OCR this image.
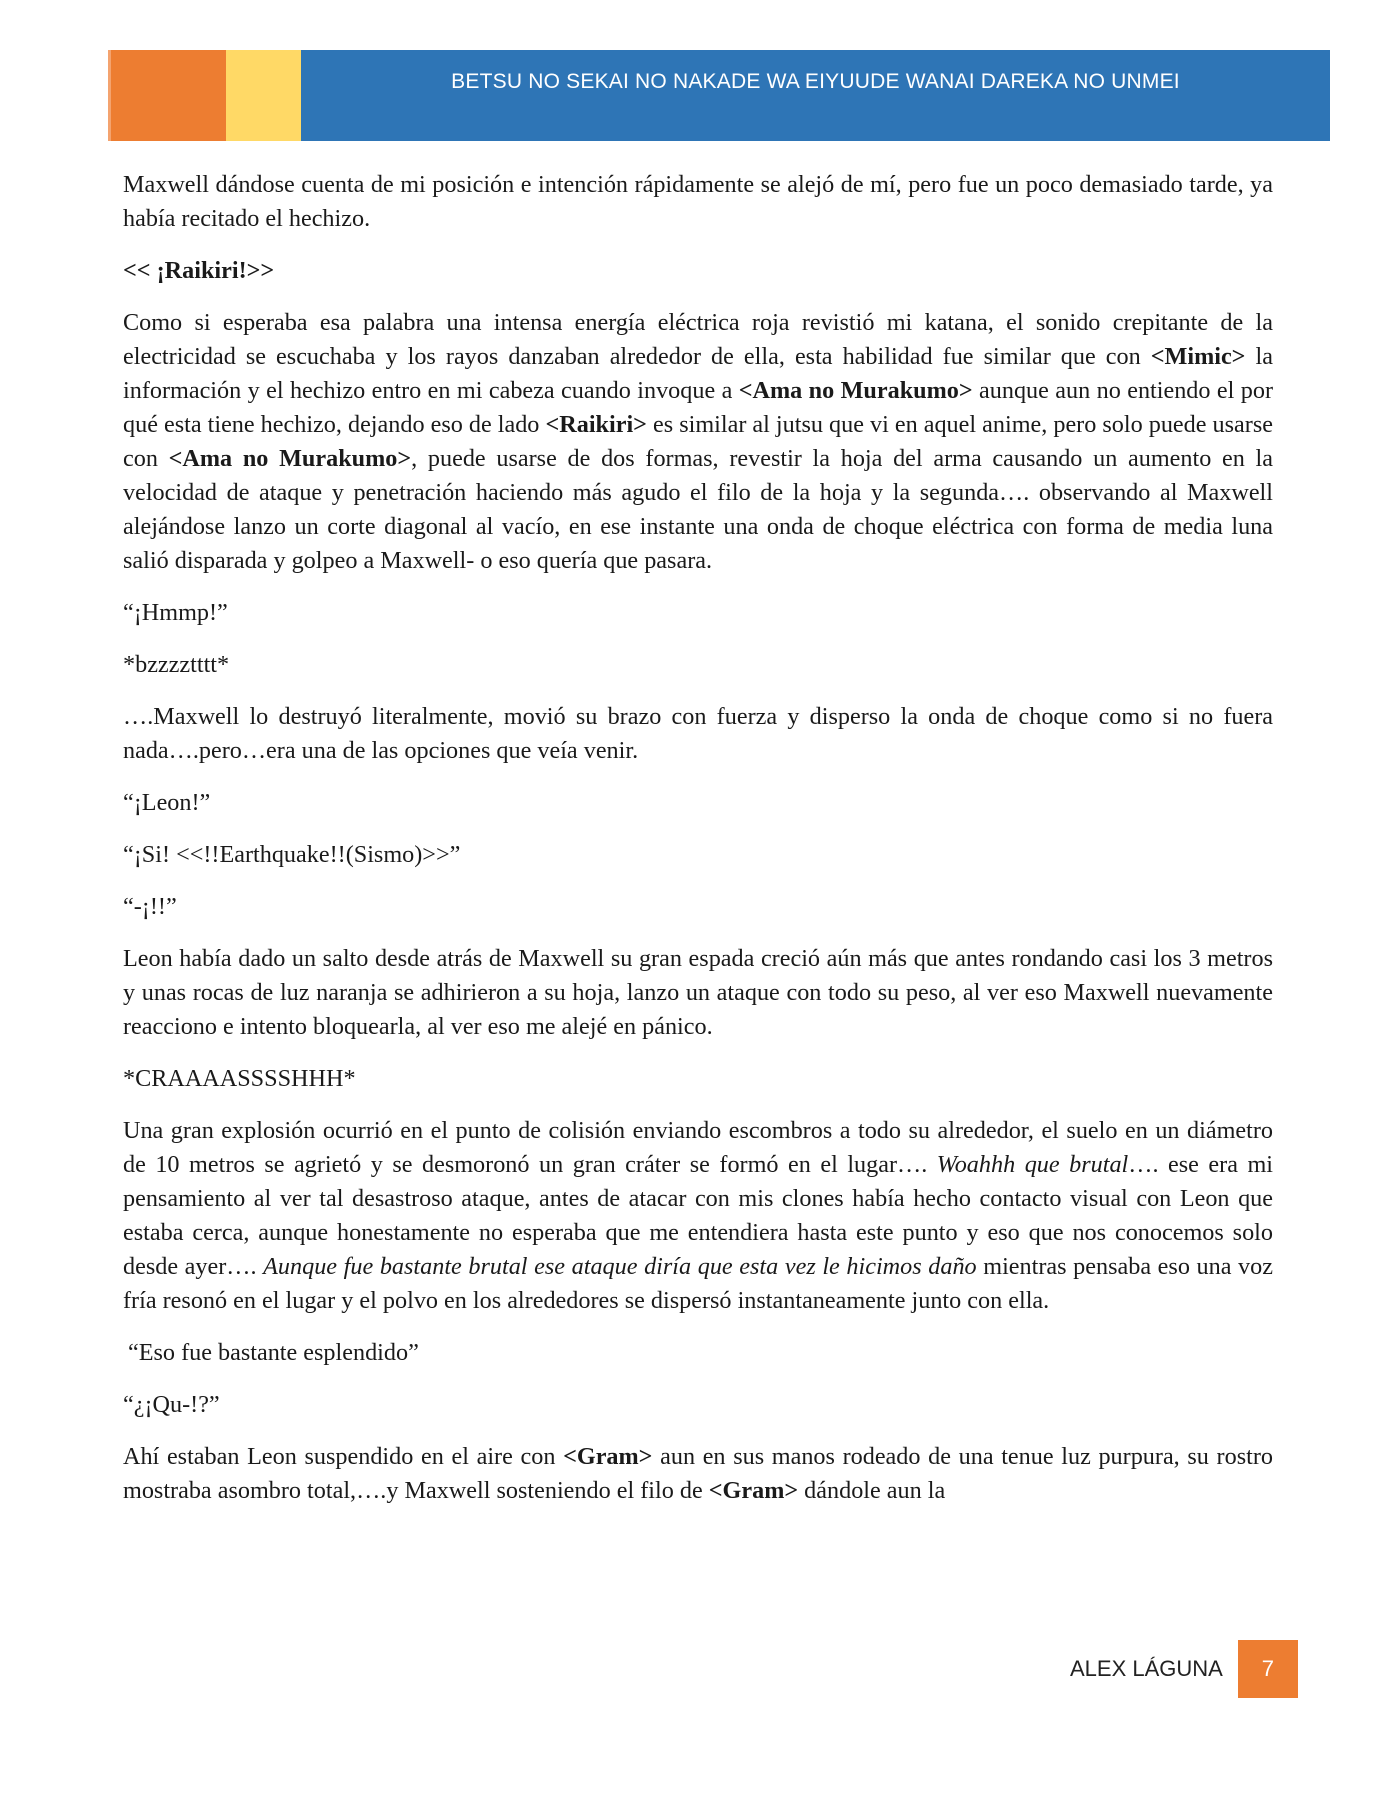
BETSU NO SEKAI NO NAKADE WA EIYUUDE WANAI DAREKA NO UNMEI

Maxwell dándose cuenta de mi posición e intención rápidamente se alejó de mí, pero fue un poco demasiado tarde, ya había recitado el hechizo.

<< ¡Raikiri!>>

Como si esperaba esa palabra una intensa energía eléctrica roja revistió mi katana, el sonido crepitante de la electricidad se escuchaba y los rayos danzaban alrededor de ella, esta habilidad fue similar que con <Mimic> la información y el hechizo entro en mi cabeza cuando invoque a <Ama no Murakumo> aunque aun no entiendo el por qué esta tiene hechizo, dejando eso de lado <Raikiri> es similar al jutsu que vi en aquel anime, pero solo puede usarse con <Ama no Murakumo>, puede usarse de dos formas, revestir la hoja del arma causando un aumento en la velocidad de ataque y penetración haciendo más agudo el filo de la hoja y la segunda…. observando al Maxwell alejándose lanzo un corte diagonal al vacío, en ese instante una onda de choque eléctrica con forma de media luna salió disparada y golpeo a Maxwell- o eso quería que pasara.

“¡Hmmp!”

*bzzzztttt*

….Maxwell lo destruyó literalmente, movió su brazo con fuerza y disperso la onda de choque como si no fuera nada….pero…era una de las opciones que veía venir.

“¡Leon!”

“¡Si! <<!!Earthquake!!(Sismo)>>”

“-¡!!”

Leon había dado un salto desde atrás de Maxwell su gran espada creció aún más que antes rondando casi los 3 metros y unas rocas de luz naranja se adhirieron a su hoja, lanzo un ataque con todo su peso, al ver eso Maxwell nuevamente reacciono e intento bloquearla, al ver eso me alejé en pánico.

*CRAAAASSSSHHH*

Una gran explosión ocurrió en el punto de colisión enviando escombros a todo su alrededor, el suelo en un diámetro de 10 metros se agrietó y se desmoronó un gran cráter se formó en el lugar…. Woahhh que brutal…. ese era mi pensamiento al ver tal desastroso ataque, antes de atacar con mis clones había hecho contacto visual con Leon que estaba cerca, aunque honestamente no esperaba que me entendiera hasta este punto y eso que nos conocemos solo desde ayer…. Aunque fue bastante brutal ese ataque diría que esta vez le hicimos daño mientras pensaba eso una voz fría resonó en el lugar y el polvo en los alrededores se dispersó instantaneamente junto con ella.

“Eso fue bastante esplendido”

“¿¡Qu-!?”

Ahí estaban Leon suspendido en el aire con <Gram> aun en sus manos rodeado de una tenue luz purpura, su rostro mostraba asombro total,….y Maxwell sosteniendo el filo de <Gram> dándole aun la

ALEX LÁGUNA	7
